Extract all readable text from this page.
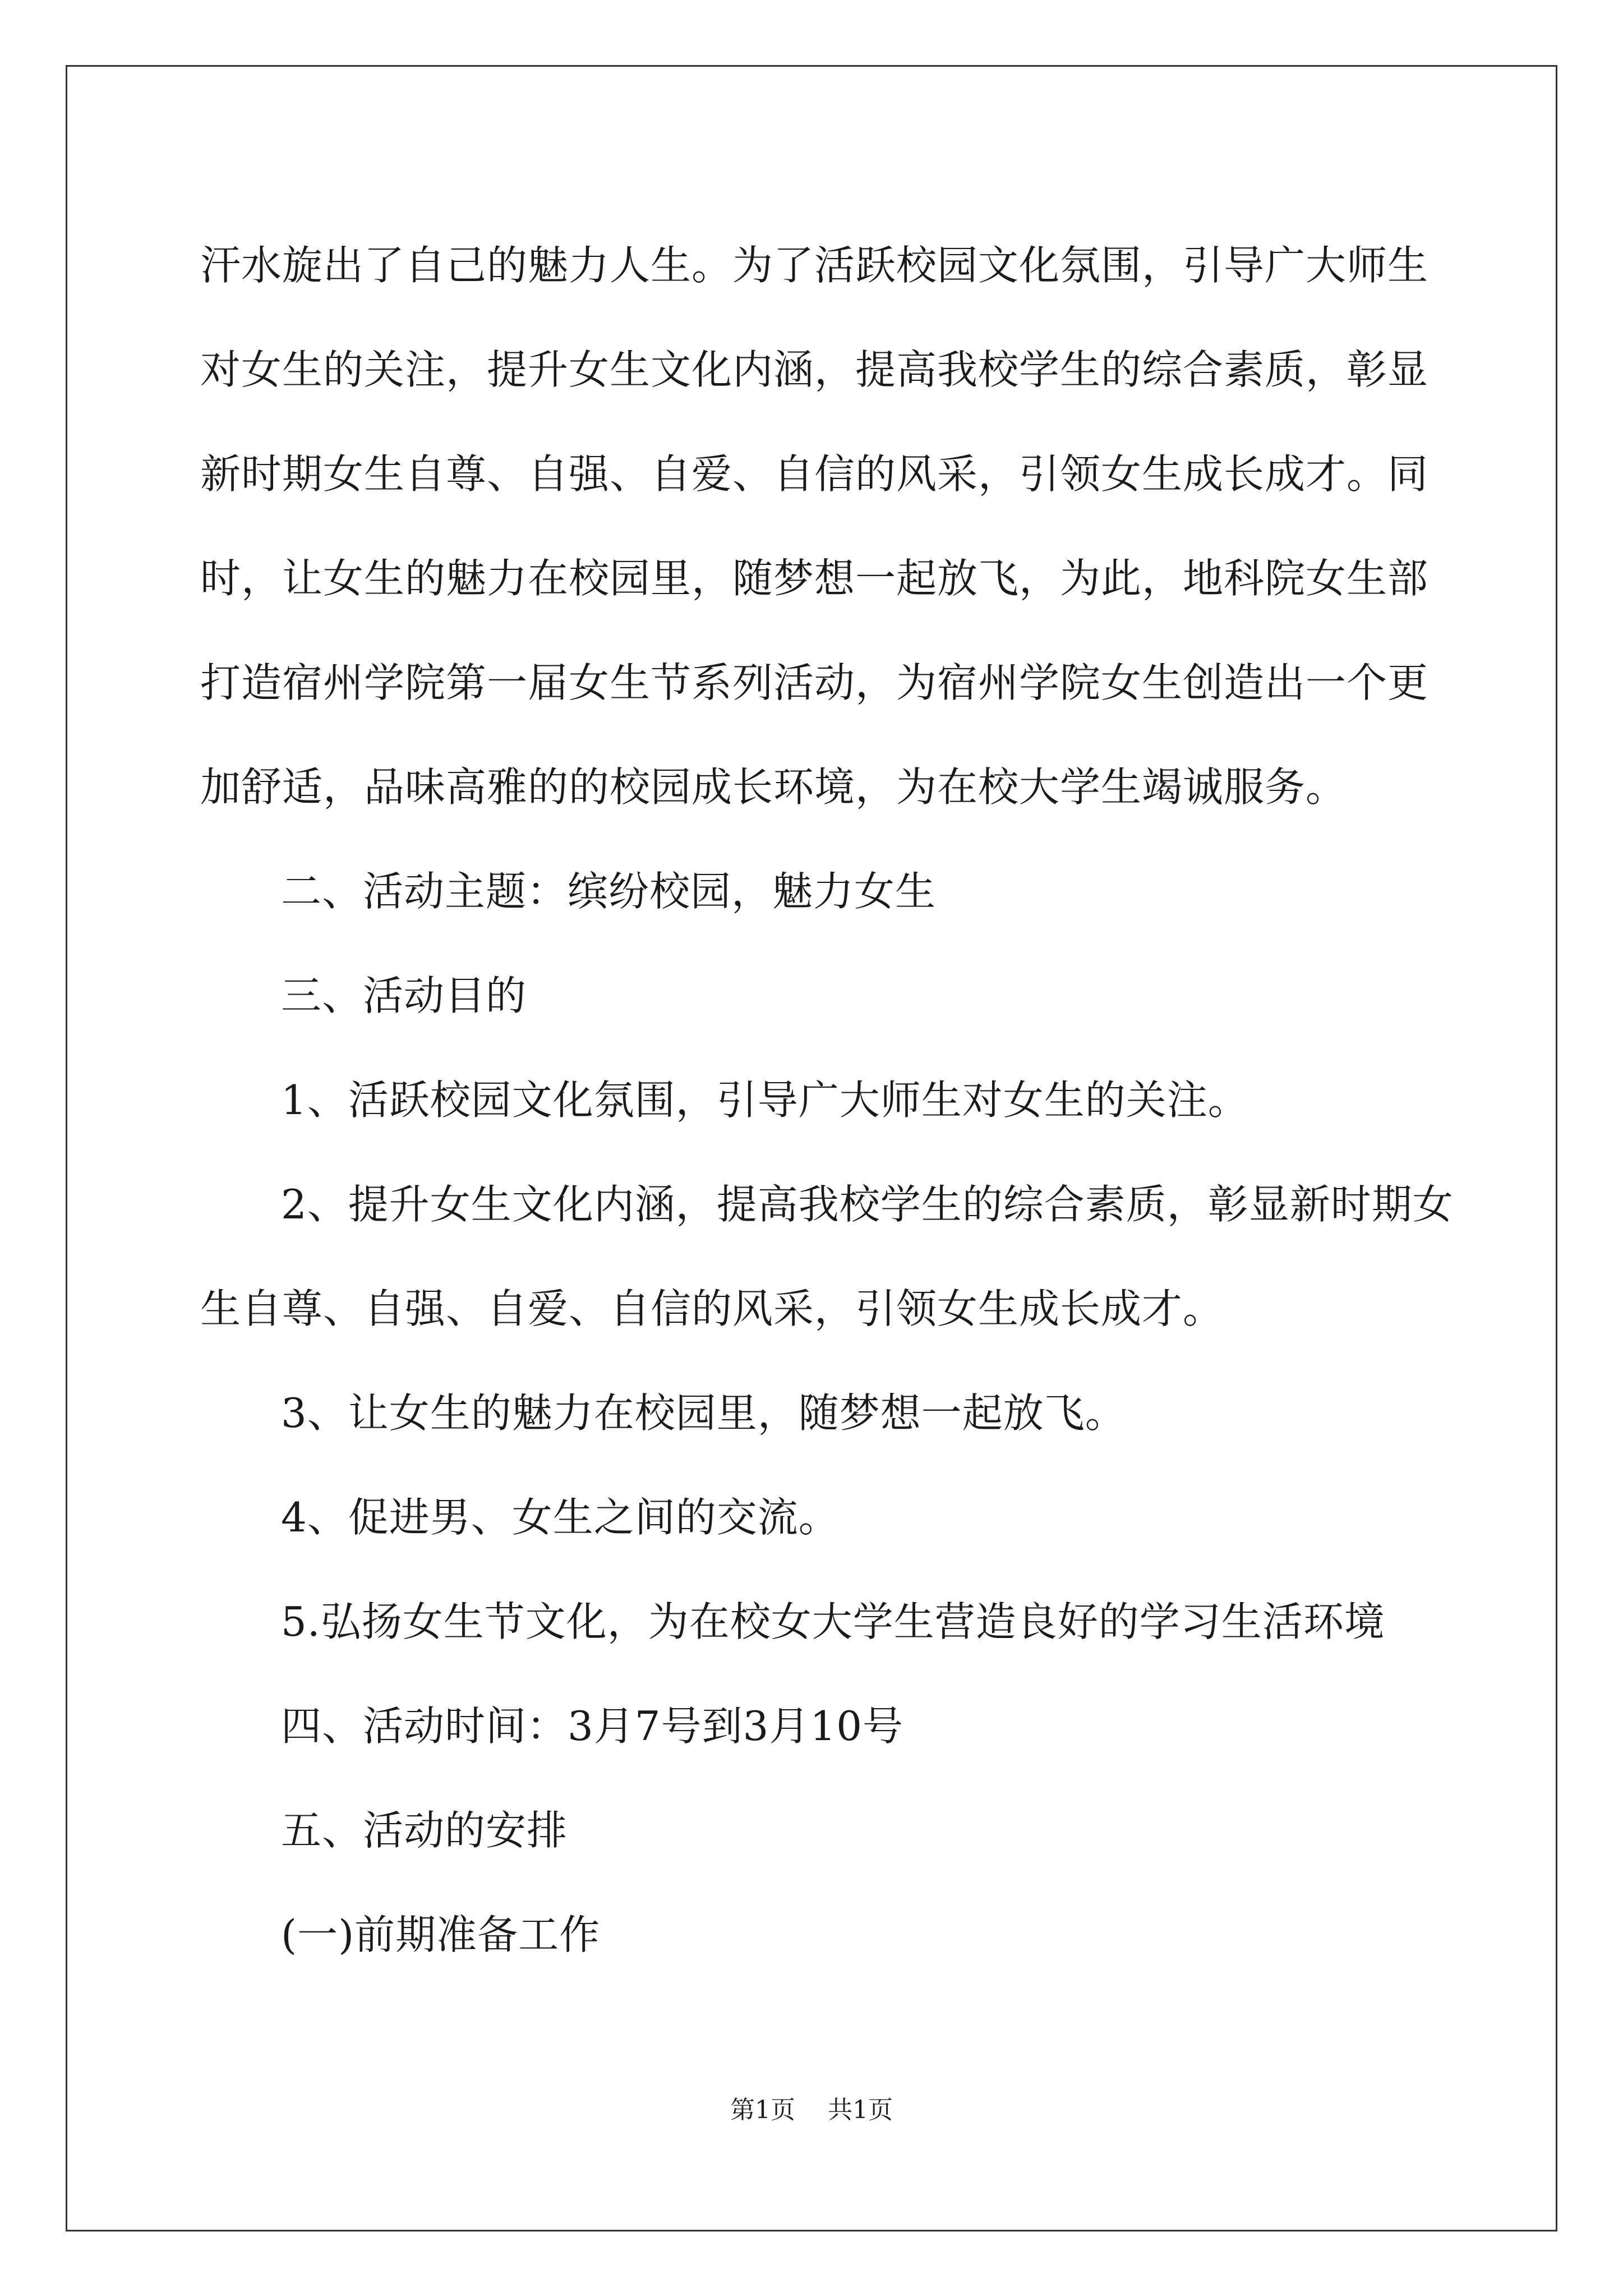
汗水旋出了自己的魅力人生。为了活跃校园文化氛围，引导广大师生

对女生的关注，提升女生文化内涵，提高我校学生的综合素质，彰显

新时期女生自尊、自强、自爱、自信的风采，引领女生成长成才。同

时，让女生的魅力在校园里，随梦想一起放飞，为此，地科院女生部

打造宿州学院第一届女生节系列活动，为宿州学院女生创造出一个更

加舒适，品味高雅的的校园成长环境，为在校大学生竭诚服务。

二、活动主题：缤纷校园，魅力女生

三、活动目的

1、活跃校园文化氛围，引导广大师生对女生的关注。

2、提升女生文化内涵，提高我校学生的综合素质，彰显新时期女

生自尊、自强、自爱、自信的风采，引领女生成长成才。

3、让女生的魅力在校园里，随梦想一起放飞。

4、促进男、女生之间的交流。

5.弘扬女生节文化，为在校女大学生营造良好的学习生活环境

四、活动时间：3月7号到3月10号

五、活动的安排

(一)前期准备工作

第1页 共1页
